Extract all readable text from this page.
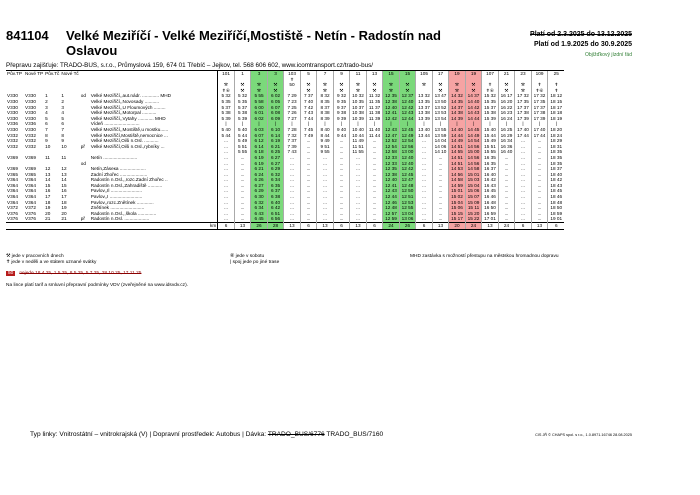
841104 Velké Meziříčí - Velké Meziříčí,Mostiště - Netín - Radostín nad Oslavou
Platí od 2.3.2025 do 13.12.2025
Platí od 1.9.2025 do 30.9.2025
Objížďkový jízdní řád
Přepravu zajišťuje: TRADO-BUS, s.r.o., Průmyslová 159, 674 01 Třebíč – Jejkov, tel. 568 606 602, www.icomtransport.cz/trado-bus/
Pův.TP	Nové TP	Pův.Tč	Nové Tč			101	1	3	3	103	5	7	9	11	13	15	15	105	17	19	19	107	21	23	109	25
										✝																
						⚒	⚒	⚒	⚒	50	⚒	⚒	⚒	⚒	⚒	⚒	⚒	⚒	⚒	⚒	⚒	✝	⚒	⚒	✝	✝
						✝⑥	⚒	⚒	⚒		⚒	⚒	⚒	⚒	⚒	⚒	⚒		⚒	⚒	⚒	✝⑥	⚒	⚒	✝⑥	✝
V330	V330	1	1	od	Velké Meziříčí,,aut.nádr. ............. MHD	5 32	5 32	5 55	6 02	7 29	7 37	8 32	9 32	10 32	11 32	12 35	12 37	13 32	13 47	14 32	14 37	15 32	16 17	17 32	17 32	18 12
V330	V330	2	2		Velké Meziříčí,,Novosady ...........	5 35	5 35	5 58	6 05	7 23	7 40	8 35	9 35	10 35	11 35	12 38	12 40	13 35	13 50	14 35	14 40	15 35	16 20	17 35	17 35	18 15
V330	V330	3	3		Velké Meziříčí,,U Floumových .........	5 37	5 37	6 00	6 07	7 25	7 42	8 37	9 37	10 37	11 37	12 40	12 42	13 37	13 52	14 37	14 42	15 37	16 22	17 37	17 37	18 17
V330	V330	4	4		Velké Meziříčí,,Motorpal ...........	5 38	5 38	6 01	6 08	7 26	7 43	8 38	9 38	10 38	11 38	12 41	12 43	13 38	13 53	14 38	14 43	15 38	16 23	17 38	17 38	18 18
V330	V330	5	5		Velké Meziříčí,,Vytahy ............ MHD	5 39	5 39	6 02	6 09	7 27	7 44	8 39	9 39	10 39	11 39	12 42	12 44	13 39	13 54	14 39	14 44	15 39	16 24	17 39	17 39	18 19
V336	V336	6	6		Vídeň ...........................	|	|	|	|	|	|	|	|	|	|	|	|	|	|	|	|	|	|	|	|	|
V330	V330	7	7		Velké Meziříčí,,Mostiště,u mostku......	5 40	5 40	6 03	6 10	7 28	7 45	8 40	9 40	10 40	11 40	12 43	12 45	13 40	13 55	14 40	14 45	15 40	16 25	17 40	17 40	18 20
V332	V332	8	8		Velké Meziříčí,Mostiště,nemocnice ...	5 44	5 44	6 07	6 14	7 32	7 49	8 44	9 44	10 44	11 44	12 47	12 49	13 44	13 59	14 44	14 49	15 44	16 29	17 44	17 44	18 24
V332	V332	9	9		Velké Meziříčí,Oiši n.Osl. ...........	...	5 49	6 12	6 19	7 37	...	9 49	...	11 49	...	12 52	12 54	...	14 04	14 49	14 54	15 49	16 34	...	...	18 29
V332	V332	10	10	př	Velké Meziříčí,Oiši n.Osl.,rybníky ...	...	5 51	6 14	6 21	7 39	...	9 51	...	11 51	...	12 54	12 56	...	14 06	14 51	14 56	15 51	16 36	...	...	18 31
						...	5 55	6 18	6 25	7 43	...	9 55	...	11 55	...	12 58	13 00	...	14 10	14 55	15 00	15 55	16 40	...	...	18 35
V369	V369	11	11		Netín ..........................	...	...	6 19	6 27	...	...	...	...	...	...	12 33	12 40	...	...	14 51	14 56	16 35	...	...	...	18 35
				od		...	...	6 19	6 27	...	...	...	...	...	...	12 33	12 40	...	...	14 51	14 56	16 35	...	...	...	18 35
V369	V369	12	12		Netín,Zásека ....................	...	...	6 21	6 29	...	...	...	...	...	...	12 35	12 42	...	...	14 53	14 58	16 37	...	...	...	18 37
V365	V365	13	13		Zadní Zhořec .....................	...	...	6 24	6 32	...	...	...	...	...	...	12 38	12 45	...	...	14 56	15 01	16 40	...	...	...	18 40
V364	V364	14	14		Radostín n.Osl.,,rozc.Zadní Zhořec ..	...	...	6 26	6 34	...	...	...	...	...	...	12 40	12 47	...	...	14 58	15 03	16 42	...	...	...	18 42
V364	V364	15	15		Radostín n.Osl.,Zahradiště ...........	...	...	6 27	6 35	...	...	...	...	...	...	12 41	12 48	...	...	14 59	15 04	16 43	...	...	...	18 43
V364	V364	16	16		Pavlov,,Il ........................	...	...	6 29	6 37	...	...	...	...	...	...	12 43	12 50	...	...	15 01	15 06	16 45	...	...	...	18 45
V364	V364	17	17		Pavlov,,I .........................	...	...	6 30	6 38	...	...	...	...	...	...	12 44	12 51	...	...	15 02	15 07	16 46	...	...	...	18 46
V364	V364	18	18		Pavlov,,rozc.Znětínek .............	...	...	6 32	6 40	...	...	...	...	...	...	12 46	12 53	...	...	15 04	15 09	16 48	...	...	...	18 48
V372	V372	19	19		Znětínek ..........................	...	...	6 34	6 42	...	...	...	...	...	...	12 48	12 55	...	...	15 06	15 11	16 50	...	...	...	18 50
V376	V376	20	20		Radostín n.Osl.,,škola ..............	...	...	6 43	6 51	...	...	...	...	...	...	12 57	13 04	...	...	15 15	15 20	16 59	...	...	...	18 59
V376	V376	21	21	př	Radostín n.Osl. ...................	...	...	6 45	6 56	...	...	...	...	...	...	12 59	13 06	...	...	15 17	15 22	17 01	...	...	...	19 01
					km	6	13	26	28	13	6	13	6	13	6	24	26	6	13	20	24	13	24	6	13	6
⚒ jede v pracovních dnech
✝ jede v neděli a ve státem uznané svátky
⑥ jede v sobotu
| spoj jede po jiné trase
MHD zastávka s možností přestupu na městskou hromadnou dopravu
50 nejede 18.4.25, 1.5.25, 8.5.25, 5.7.25, 28.10.25, 17.11.25
Na lince platí tarif a smluvní přepravní podmínky VDV (zveřejněné na www.idsvdv.cz).
Typ linky: Vnitrostátní – vnitrokrajská (V) | Dopravní prostředek: Autobus | Dávka: TRADO_BUS/6776 TRADO_BUS/7160	CIS JŘ © CHAPS spol. s r.o., 1.0.8971.16746 28.08.2025
